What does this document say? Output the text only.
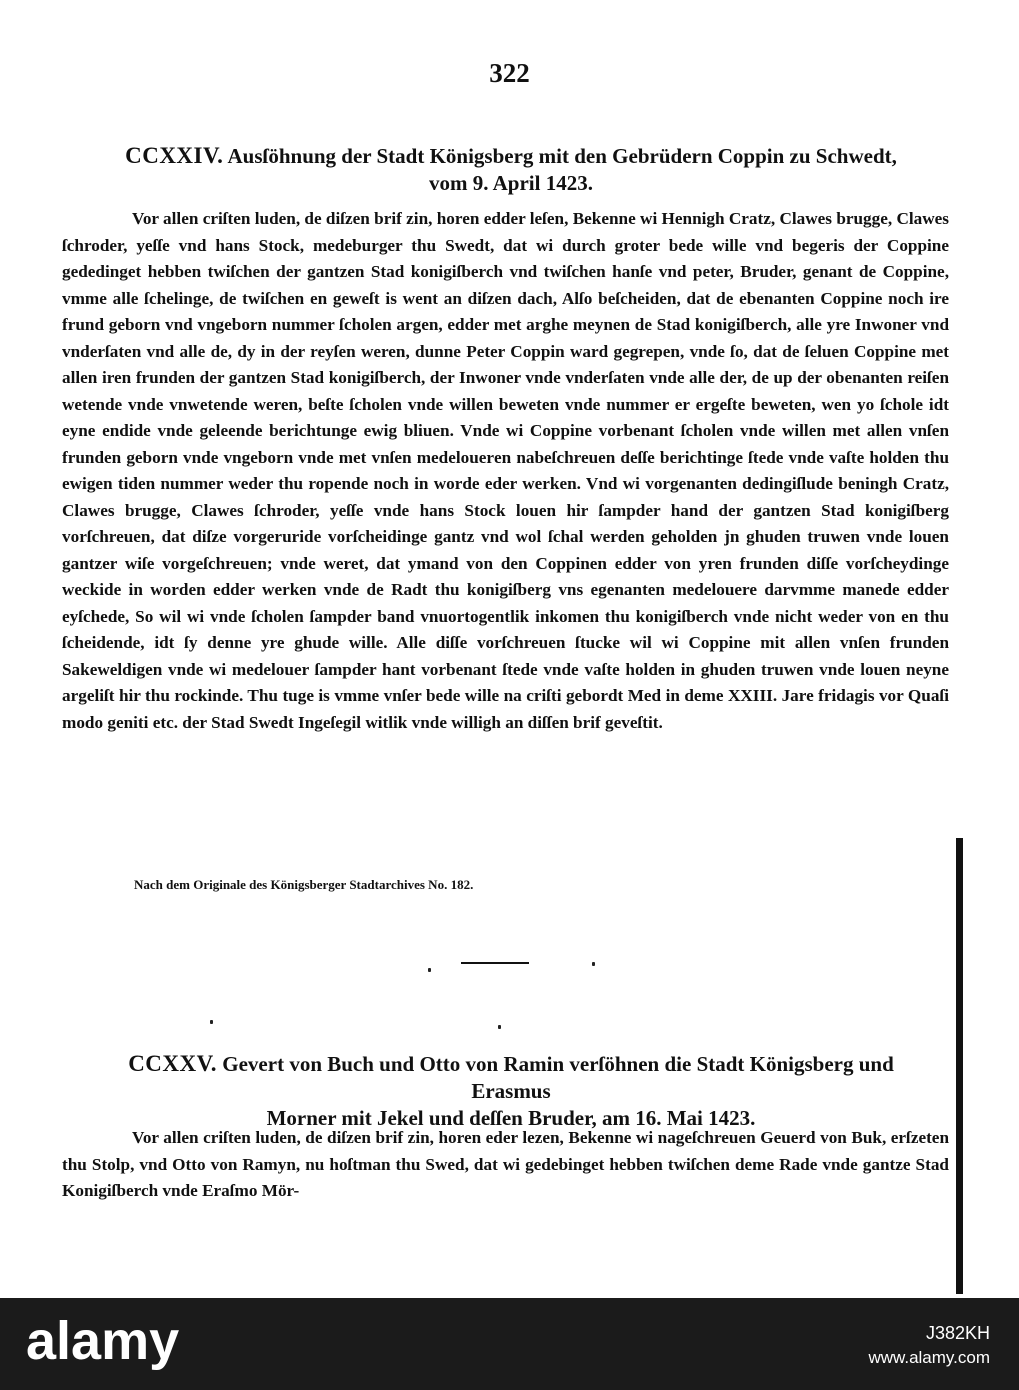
322
CCXXIV. Ausſöhnung der Stadt Königsberg mit den Gebrüdern Coppin zu Schwedt,
vom 9. April 1423.
Vor allen criſten luden, de diſzen brif zin, horen edder leſen, Bekenne wi Hennigh Cratz, Clawes brugge, Clawes ſchroder, yeſſe vnd hans Stock, medeburger thu Swedt, dat wi durch groter bede wille vnd begeris der Coppine gededinget hebben twiſchen der gantzen Stad konigiſberch vnd twiſchen hanſe vnd peter, Bruder, genant de Coppine, vmme alle ſchelinge, de twiſchen en geweſt is went an diſzen dach, Alſo beſcheiden, dat de ebenanten Coppine noch ire frund geborn vnd vngeborn nummer ſcholen argen, edder met arghe meynen de Stad konigiſberch, alle yre Inwoner vnd vnderſaten vnd alle de, dy in der reyſen weren, dunne Peter Coppin ward gegrepen, vnde ſo, dat de ſeluen Coppine met allen iren frunden der gantzen Stad konigiſberch, der Inwoner vnde vnderſaten vnde alle der, de up der obenanten reiſen wetende vnde vnwetende weren, beſte ſcholen vnde willen beweten vnde nummer er ergeſte beweten, wen yo ſchole idt eyne endide vnde geleende berichtunge ewig bliuen. Vnde wi Coppine vorbenant ſcholen vnde willen met allen vnſen frunden geborn vnde vngeborn vnde met vnſen medelouerеn nabeſchreuen deſſe berichtinge ſtede vnde vaſte holden thu ewigen tiden nummer weder thu ropende noch in worde eder werken. Vnd wi vorgenanten dedingiſlude beningh Cratz, Clawes brugge, Clawes ſchroder, yeſſe vnde hans Stock louen hir ſampder hand der gantzen Stad konigiſberg vorſchreuen, dat diſze vorgeruride vorſcheidinge gantz vnd wol ſchal werden geholden jn ghuden truwen vnde louen gantzer wiſe vorgeſchreuen; vnde weret, dat ymand von den Coppinen edder von yren frunden diſſe vorſcheydinge weckide in worden edder werken vnde de Radt thu konigiſberg vns egenanten medelouere darvmme manede edder eyſchede, So wil wi vnde ſcholen ſampder band vnuortogentlik inkomen thu konigiſberch vnde nicht weder von en thu ſcheidende, idt ſy denne yre ghude wille. Alle diſſe vorſchreuen ſtucke wil wi Coppine mit allen vnſen frunden Sakeweldigen vnde wi medelouer ſampder hant vorbenant ſtede vnde vaſte holden in ghuden truwen vnde louen neyne argeliſt hir thu rockinde. Thu tuge is vmme vnſer bede wille na criſti gebordt Med in deme XXIII. Jare fridagis vor Quaſi modo geniti etc. der Stad Swedt Ingeſegil witlik vnde willigh an diſſen brif geveſtit.
Nach dem Originale des Königsberger Stadtarchives No. 182.
CCXXV. Gevert von Buch und Otto von Ramin verſöhnen die Stadt Königsberg und Erasmus
Morner mit Jekel und deſſen Bruder, am 16. Mai 1423.
Vor allen criſten luden, de diſzen brif zin, horen eder lezen, Bekenne wi nagеſchreuen Geuerd von Buk, erſzeten thu Stolp, vnd Otto von Ramyn, nu hoſtman thu Swed, dat wi gedebinget hebben twiſchen deme Rade vnde gantze Stad Konigiſberch vnde Eraſmo Mör-
alamy	J382KH
www.alamy.com
